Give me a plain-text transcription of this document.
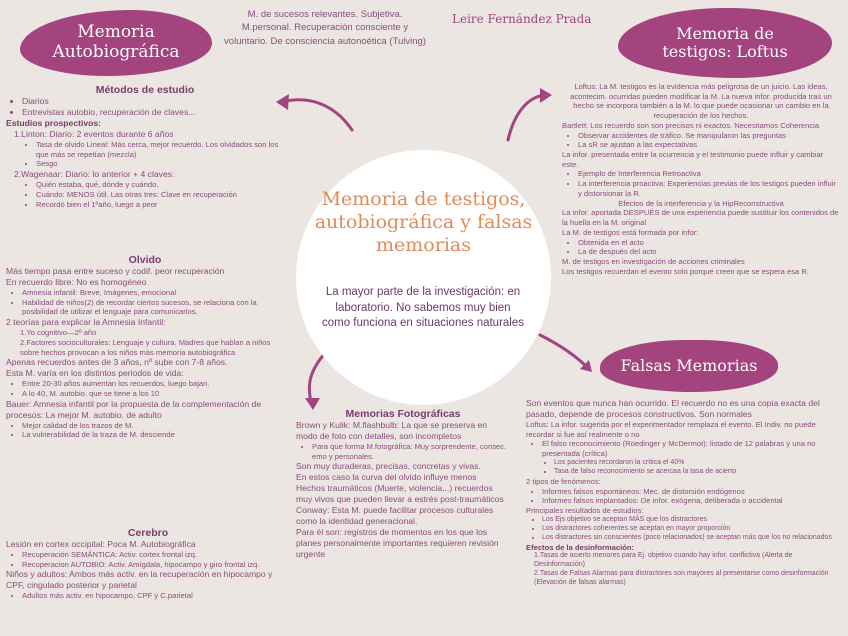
Memoria
Autobiográfica
Memoria de
testigos: Loftus
Falsas Memorias
M. de sucesos relevantes. Subjetiva. M.personal. Recuperación consciente y voluntario. De consciencia autonoética (Tulving)
Leire Fernández Prada
Memoria de testigos, autobiográfica y falsas memorias
La mayor parte de la investigación: en laboratorio. No sabemos muy bien como funciona en situaciones naturales
Métodos de estudio
• Diarios
• Entrevistas autobio, recuperación de claves...
Estudios prospectivos:
1.Linton: Diario: 2 eventos durante 6 años
• Tasa de olvido Lineal: Más cerca, mejor recuerdo. Los olvidados son los que más se repetían (mezcla)
• Sesgo
2.Wagenaar: Diario: lo anterior + 4 claves:
• Quién estaba, qué, dónde y cuándo.
• Cuándo: MENOS útil. Las otras tres: Clave en recuperación
• Recordó bien el 1ºaño, luego a peor
Olvido
Más tiempo pasa entre suceso y codif. peor recuperación
En recuerdo libre: No es homogéneo
• Amnesia infantil: Breve, Imágenes, emocional
• Habilidad de niños(2) de recordar ciertos sucesos, se relaciona con la posibilidad de utilizar el lenguaje para comunicarlos.
2 teorías para explicar la Amnesia Infantil:
1.Yo cognitivo—2º año
2.Factores socioculturales: Lenguaje y cultura. Madres que hablan a niños sobre hechos provocan a los niños más memoria autobiográfica
Apenas recuerdos antes de 3 años, nº sube con 7-8 años.
Esta M. varía en los distintos periodos de vida:
• Entre 20-30 años aumentan los recuerdos, luego bajan.
• A lo 40, M. autobio. que se tiene a los 10
Bauer: Amnesia infantil por la propuesta de la complementación de procesos: La mejor M. autobio. de adulto
• Mejor calidad de los trazos de M.
• La vulnerabilidad de la traza de M. desciende
Cerebro
Lesión en cortex occipital: Poca M. Autobiográfica
• Recuperación SEMÁNTICA: Activ. cortex frontal izq.
• Recuperacion AUTOBIO: Activ. Amígdala, hipocampo y giro frontal izq.
Niños y adultos: Ambos más activ. en la recuperación en hipocampo y CPF, cingulado posterior y parietal
• Adultos más activ. en hipocampo, CPF y C.parietal
Memorias Fotográficas
Brown y Kulik: M.flashbulb: La que se preserva en modo de foto con detalles, son incompletos
• Para que forma M.fotográfica: Muy sorprendente, consec. emo y personales.
Son muy duraderas, precisas, concretas y vivas.
En estos caso la curva del olvido influye menos
Hechos traumáticos (Muerte, violencia...) recuerdos muy vivos que pueden llevar a estrés post-traumáticos
Conway: Esta M. puede facilitar procesos culturales como la identidad generacional.
Para él son: registros de momentos en los que los planes personalmente importantes requieren revisión urgente
Loftus: La M. testigos es la evidencia más peligrosa de un juicio. Las ideas, acontecim. ocurridas pueden modificar la M. La nueva infor. producida tras un hecho se incorpora también a la M. lo que puede ocasionar un cambio en la recuperación de los hechos.
Bartlett: Los recuerdo son son precisos ni exactos. Necesitamos Coherencia
• Observar accidentes de tráfico. Se manipularon las preguntas
• La sR se ajustan a las expectativas
La infor. presentada entre la ocurrencia y el testimonio puede influir y cambiar este.
• Ejemplo de Interferencia Retroactiva
• La interferencia proactiva: Experiencias previas de los testigos pueden influir y distorsionar la R.
Efectos de la interferencia y la HipReconstructiva
La infor. aportada DESPUÉS de una experiencia puede sustituir los contenidos de la huella en la M. original
La M. de testigos está formada por infor:
• Obtenida en el acto
• La de después del acto
M. de testigos en investigación de acciones criminales
Los testigos recuerdan el evento solo porque creen que se espera esa R.
Son eventos que nunca han ocurrido. El recuerdo no es una copia exacta del pasado, depende de procesos constructivos. Son normales
Loftus: La infor. sugerida por el experimentador remplaza el evento. El Indiv. no puede recordar si fue así realmente o no
• El falso reconocimiento (Roedinger y McDermot): listado de 12 palabras y una no presentada (crítica)
• Los pacientes recordaron la crítica el 40%
• Tasa de falso reconocimiento se acercaa la tasa de acierto
2 tipos de fenómenos:
• Informes falsos espontáneos: Mec. de distorsión endógenos
• Informes falsos implantados: De infor. exógena, deliberada o accidental
Principales resultados de estudios:
• Los Ejs objetivo se aceptan MÁS que los distractores
• Los distractores coherentes se aceptan en mayor proporción
• Los distractores sin conscientes (poco relacionados) se aceptan más que los no relacionados
Efectos de la desinformación:
1.Tasas de acierto menores para Ej. objetivo cuando hay infor. conflictiva (Alerta de Desinformación)
2.Tasas de Falsas Alarmas para distractores son mayores al presentarse como desinformación (Elevación de falsas alarmas)
